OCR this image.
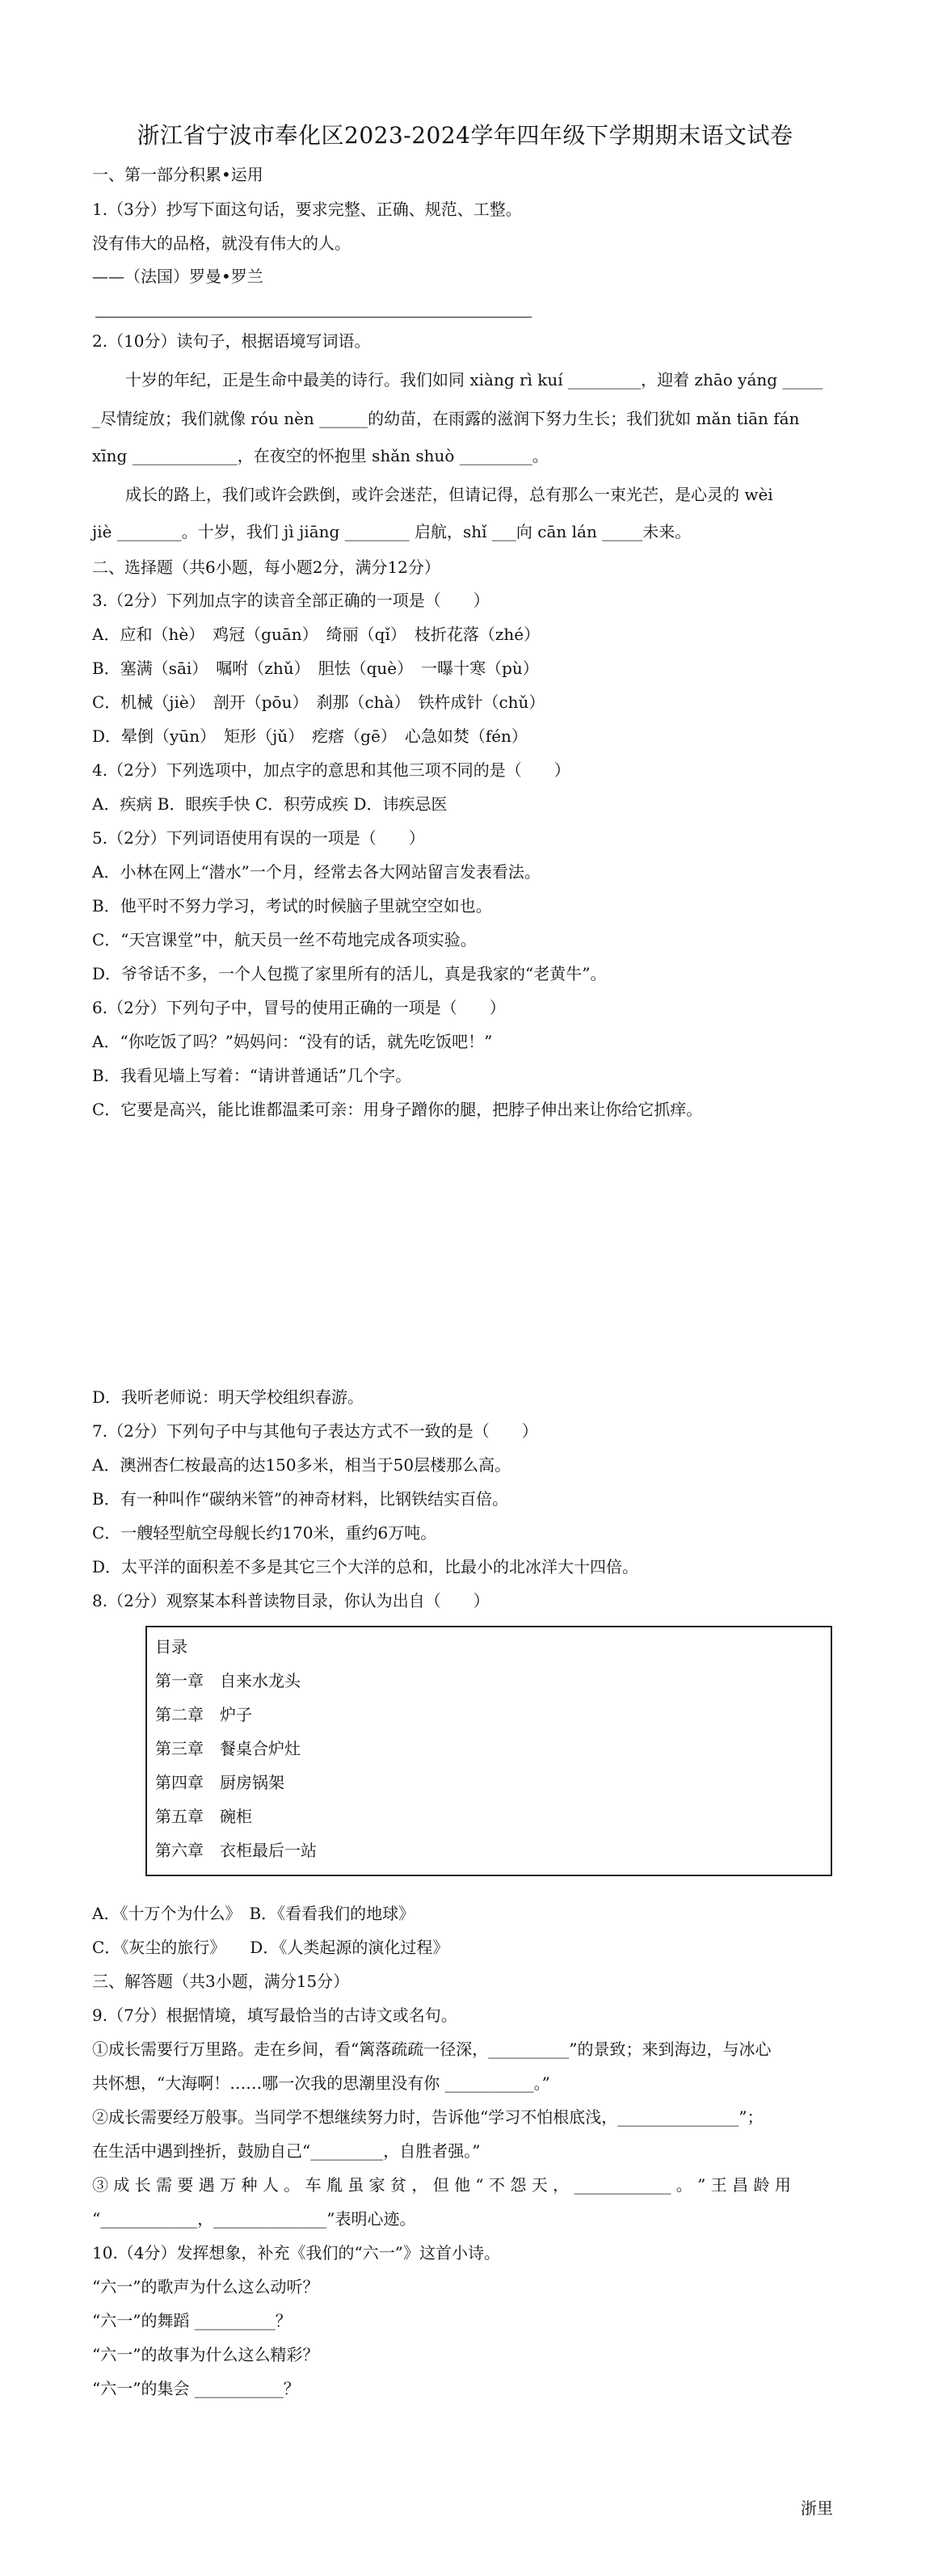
浙江省宁波市奉化区2023-2024学年四年级下学期期末语文试卷
一、第一部分积累•运用
1.（3分）抄写下面这句话，要求完整、正确、规范、工整。
没有伟大的品格，就没有伟大的人。
——（法国）罗曼•罗兰
2.（10分）读句子，根据语境写词语。
十岁的年纪，正是生命中最美的诗行。我们如同 xiàng rì kuí _________，迎着 zhāo yáng _____
_尽情绽放；我们就像 róu nèn ______的幼苗，在雨露的滋润下努力生长；我们犹如 mǎn tiān fán
xīng _____________，在夜空的怀抱里 shǎn shuò _________。
成长的路上，我们或许会跌倒，或许会迷茫，但请记得，总有那么一束光芒，是心灵的 wèi
jiè ________。十岁，我们 jì jiāng ________ 启航，shǐ ___向 cān lán _____未来。
二、选择题（共6小题，每小题2分，满分12分）
3.（2分）下列加点字的读音全部正确的一项是（　　）
A．应和（hè）　鸡冠（guān）　绮丽（qǐ）　枝折花落（zhé）
B．塞满（sāi）　嘱咐（zhǔ）　胆怯（què）　一曝十寒（pù）
C．机械（jiè）　剖开（pōu）　刹那（chà）　铁杵成针（chǔ）
D．晕倒（yūn）　矩形（jǔ）　疙瘩（gē）　心急如焚（fén）
4.（2分）下列选项中，加点字的意思和其他三项不同的是（　　）
A．疾病 B．眼疾手快 C．积劳成疾 D．讳疾忌医
5.（2分）下列词语使用有误的一项是（　　）
A．小林在网上“潜水”一个月，经常去各大网站留言发表看法。
B．他平时不努力学习，考试的时候脑子里就空空如也。
C．“天宫课堂”中，航天员一丝不苟地完成各项实验。
D．爷爷话不多，一个人包揽了家里所有的活儿，真是我家的“老黄牛”。
6.（2分）下列句子中，冒号的使用正确的一项是（　　）
A．“你吃饭了吗？”妈妈问：“没有的话，就先吃饭吧！”
B．我看见墙上写着：“请讲普通话”几个字。
C．它要是高兴，能比谁都温柔可亲：用身子蹭你的腿，把脖子伸出来让你给它抓痒。
D．我听老师说：明天学校组织春游。
7.（2分）下列句子中与其他句子表达方式不一致的是（　　）
A．澳洲杏仁桉最高的达150多米，相当于50层楼那么高。
B．有一种叫作“碳纳米管”的神奇材料，比钢铁结实百倍。
C．一艘轻型航空母舰长约170米，重约6万吨。
D．太平洋的面积差不多是其它三个大洋的总和，比最小的北冰洋大十四倍。
8.（2分）观察某本科普读物目录，你认为出自（　　）
目录
第一章　自来水龙头
第二章　炉子
第三章　餐桌合炉灶
第四章　厨房锅架
第五章　碗柜
第六章　衣柜最后一站
A．《十万个为什么》　B．《看看我们的地球》
C．《灰尘的旅行》　　D．《人类起源的演化过程》
三、解答题（共3小题，满分15分）
9.（7分）根据情境，填写最恰当的古诗文或名句。
①成长需要行万里路。走在乡间，看“篱落疏疏一径深，__________”的景致；来到海边，与冰心
共怀想，“大海啊！……哪一次我的思潮里没有你 ___________。”
②成长需要经万般事。当同学不想继续努力时，告诉他“学习不怕根底浅，_______________”；
在生活中遇到挫折，鼓励自己“_________，自胜者强。”
③ 成 长 需 要 遇 万 种 人 。 车 胤 虽 家 贫 ， 但 他 “ 不 怨 天 ， ____________ 。 ” 王 昌 龄 用
“____________，______________”表明心迹。
10.（4分）发挥想象，补充《我们的“六一”》这首小诗。
“六一”的歌声为什么这么动听？
“六一”的舞蹈 __________？
“六一”的故事为什么这么精彩？
“六一”的集会 ___________？
浙里
